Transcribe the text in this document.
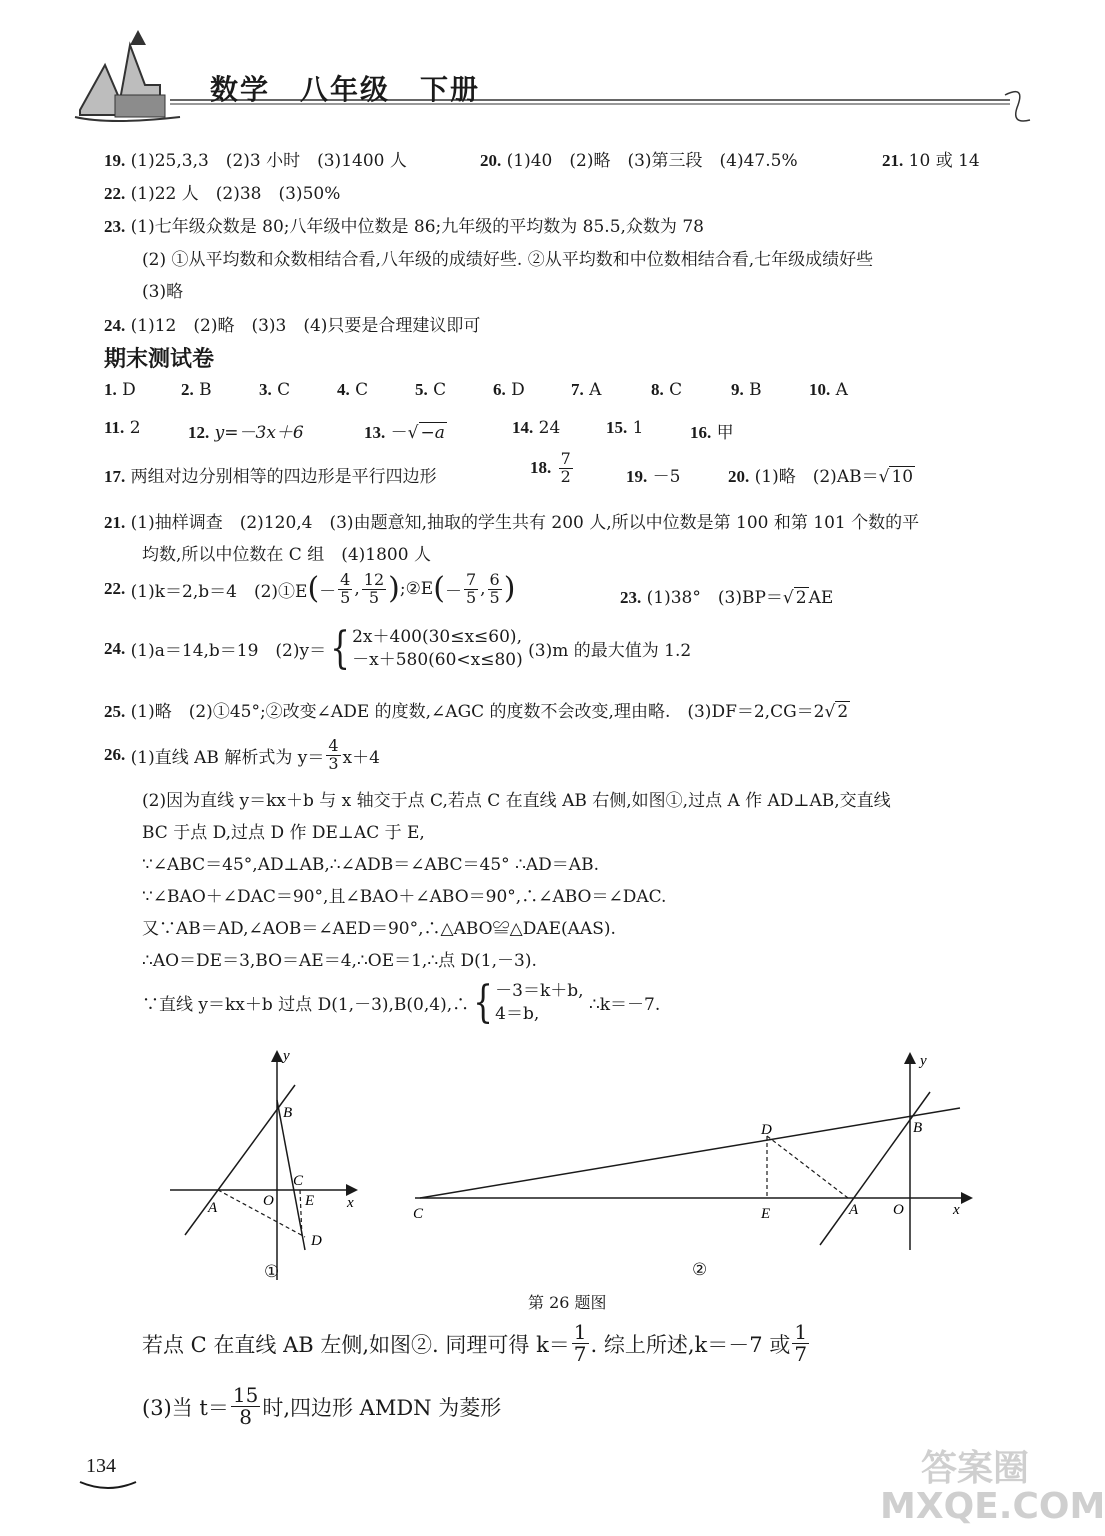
数学　八年级　下册
19. (1)25,3,3　(2)3 小时　(3)1400 人	20. (1)40　(2)略　(3)第三段　(4)47.5%	21. 10 或 14
22. (1)22 人　(2)38　(3)50%
23. (1)七年级众数是 80;八年级中位数是 86;九年级的平均数为 85.5,众数为 78
(2) ①从平均数和众数相结合看,八年级的成绩好些. ②从平均数和中位数相结合看,七年级成绩好些
(3)略
24. (1)12　(2)略　(3)3　(4)只要是合理建议即可
期末测试卷
1. D	2. B	3. C	4. C	5. C	6. D	7. A	8. C	9. B	10. A
11. 2	12. y=－3x＋6	13. －√ −a	14. 24	15. 1	16. 甲
17. 两组对边分别相等的四边形是平行四边形	18. $\frac{7}{2}$	19. －5	20. (1)略　(2)AB＝√ 10
21. (1)抽样调查　(2)120,4　(3)由题意知,抽取的学生共有 200 人,所以中位数是第 100 和第 101 个数的平
均数,所以中位数在 C 组　(4)1800 人
22.
(1)k＝2,b＝4　(2)①E ( － $\frac{4}{5}$ , $\frac{12}{5}$ ) ;②E ( － $\frac{7}{5}$ , $\frac{6}{5}$ )	23. (1)38°　(3)BP＝√ 2 AE
24.
(1)a＝14,b＝19　(2)y＝ { 2x＋400(30≤x≤60),
－x＋580(60<x≤80)
(3)m 的最大值为 1.2
25. (1)略　(2)①45°;②改变∠ADE 的度数,∠AGC 的度数不会改变,理由略.　(3)DF＝2,CG＝2√ 2
26.
(1)直线 AB 解析式为 $y= \frac{4}{3} x+4$
(2)因为直线 y＝kx＋b 与 x 轴交于点 C,若点 C 在直线 AB 右侧,如图①,过点 A 作 AD⊥AB,交直线
BC 于点 D,过点 D 作 DE⊥AC 于 E,
∵∠ABC＝45°,AD⊥AB,∴∠ADB＝∠ABC＝45° ∴AD＝AB.
∵∠BAO＋∠DAC＝90°,且∠BAO＋∠ABO＝90°,∴∠ABO＝∠DAC.
又∵AB＝AD,∠AOB＝∠AED＝90°,∴△ABO≌△DAE(AAS).
∴AO＝DE＝3,BO＝AE＝4,∴OE＝1,∴点 D(1,－3).
∵直线 y＝kx＋b 过点 D(1,－3),B(0,4),∴ { －3＝k＋b,
4＝b,
	∴k＝－7.
y
x
B
C
O E
A
D
①
y
x
D	B
C	E	A O
②
第 26 题图
若点 C 在直线 AB 左侧,如图②. 同理可得 $k= \frac{1}{7}$ . 综上所述,k＝－7 或 $\frac{1}{7}$
(3)当 $t= \frac{15}{8}$ 时,四边形 AMDN 为菱形
134	答案圈 MXQE.COM
